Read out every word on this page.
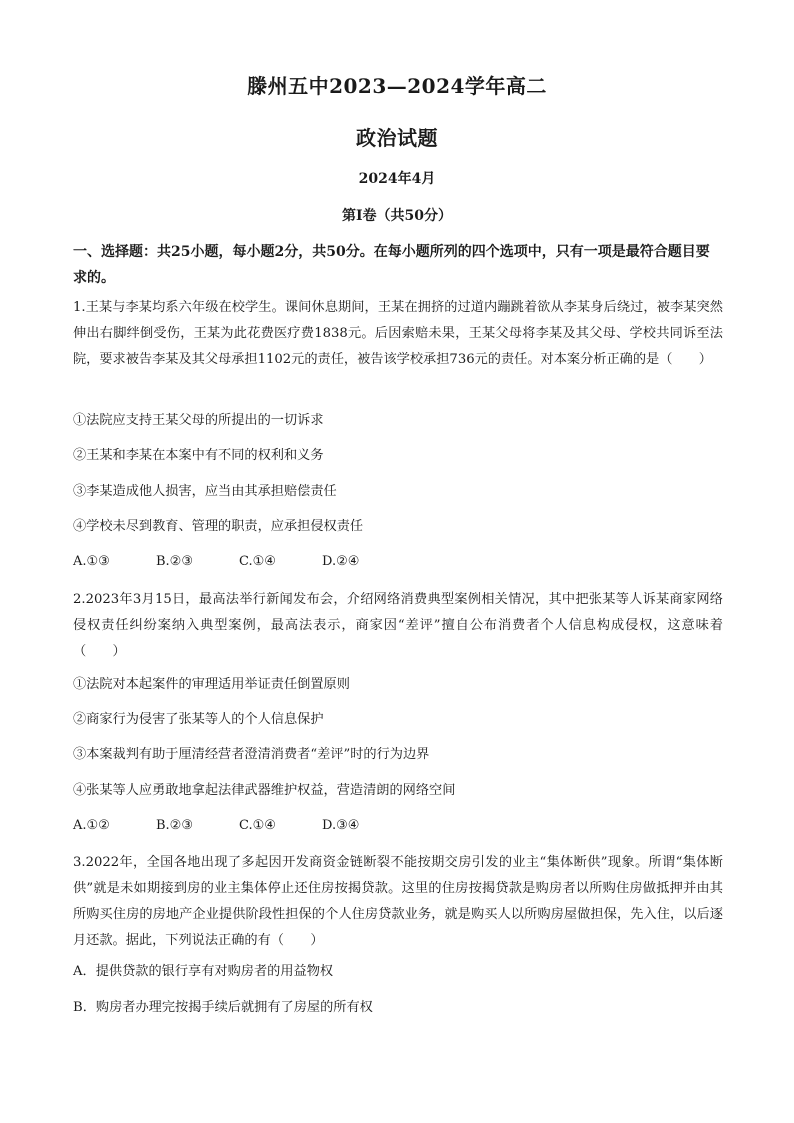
滕州五中2023—2024学年高二
政治试题
2024年4月
第I卷（共50分）
一、选择题：共25小题，每小题2分，共50分。在每小题所列的四个选项中，只有一项是最符合题目要求的。
1.王某与李某均系六年级在校学生。课间休息期间，王某在拥挤的过道内蹦跳着欲从李某身后绕过，被李某突然伸出右脚绊倒受伤，王某为此花费医疗费1838元。后因索赔未果，王某父母将李某及其父母、学校共同诉至法院，要求被告李某及其父母承担1102元的责任，被告该学校承担736元的责任。对本案分析正确的是（　　）
①法院应支持王某父母的所提出的一切诉求
②王某和李某在本案中有不同的权利和义务
③李某造成他人损害，应当由其承担赔偿责任
④学校未尽到教育、管理的职责，应承担侵权责任
A.①③	B.②③	C.①④	D.②④
2.2023年3月15日，最高法举行新闻发布会，介绍网络消费典型案例相关情况，其中把张某等人诉某商家网络侵权责任纠纷案纳入典型案例，最高法表示，商家因“差评”擅自公布消费者个人信息构成侵权，这意味着（　　）
①法院对本起案件的审理适用举证责任倒置原则
②商家行为侵害了张某等人的个人信息保护
③本案裁判有助于厘清经营者澄清消费者“差评”时的行为边界
④张某等人应勇敢地拿起法律武器维护权益，营造清朗的网络空间
A.①②	B.②③	C.①④	D.③④
3.2022年，全国各地出现了多起因开发商资金链断裂不能按期交房引发的业主“集体断供”现象。所谓“集体断供”就是未如期接到房的业主集体停止还住房按揭贷款。这里的住房按揭贷款是购房者以所购住房做抵押并由其所购买住房的房地产企业提供阶段性担保的个人住房贷款业务，就是购买人以所购房屋做担保，先入住，以后逐月还款。据此，下列说法正确的有（　　）
A．提供贷款的银行享有对购房者的用益物权
B．购房者办理完按揭手续后就拥有了房屋的所有权
